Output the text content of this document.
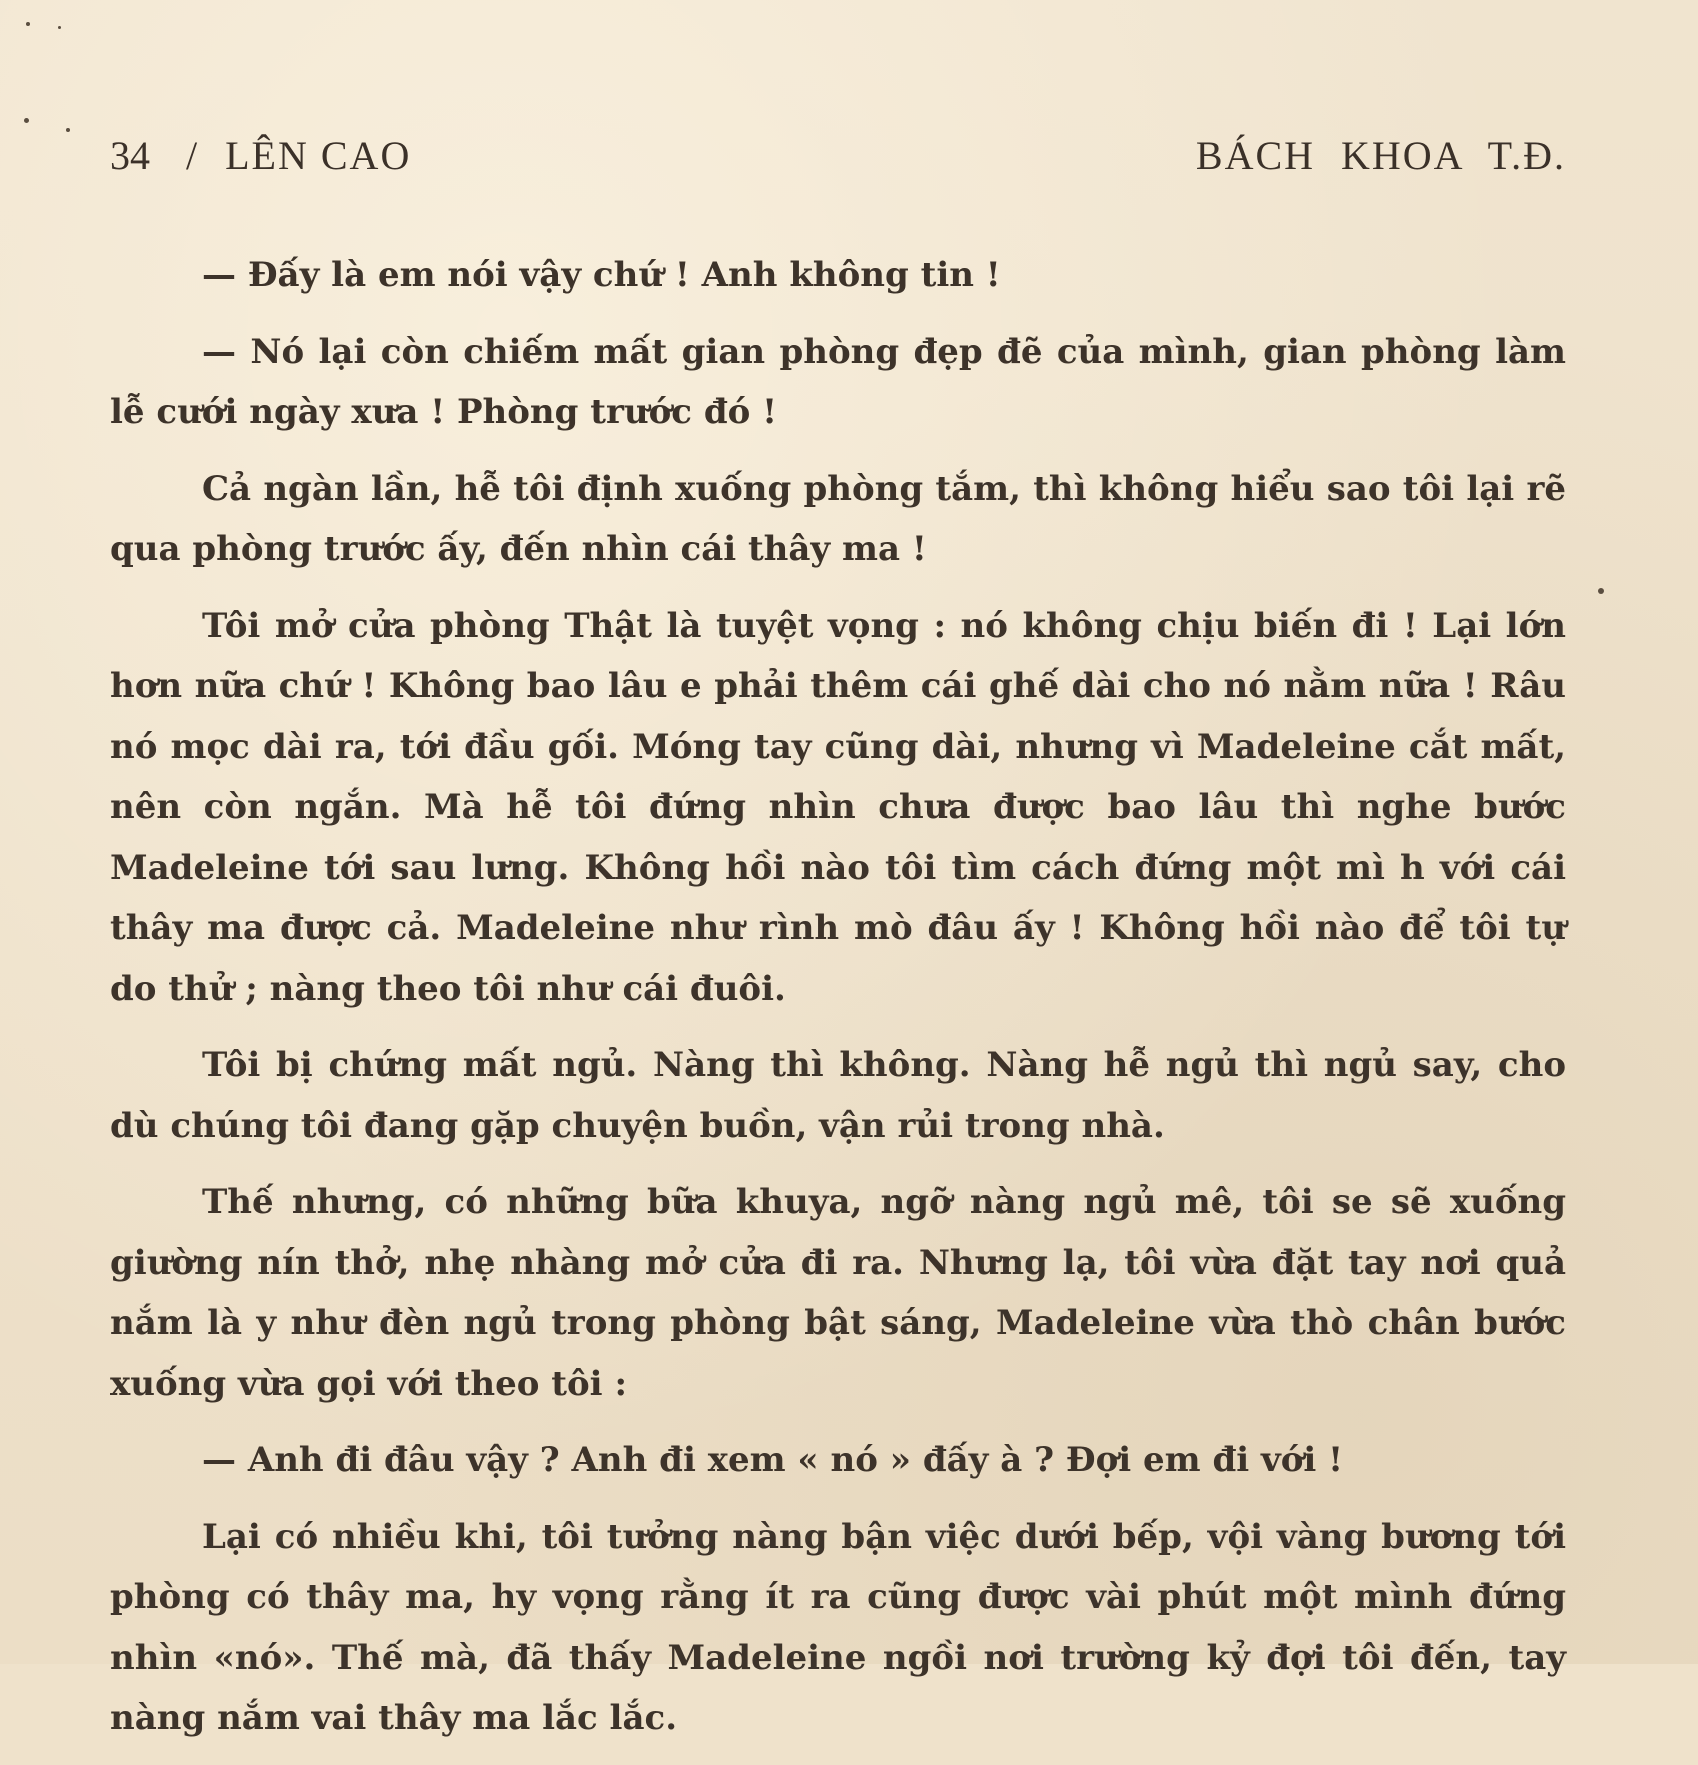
34 / LÊN CAO	BÁCH KHOA T.Đ.

— Đấy là em nói vậy chứ ! Anh không tin !

— Nó lại còn chiếm mất gian phòng đẹp đẽ của mình, gian phòng làm lễ cưới ngày xưa ! Phòng trước đó !

Cả ngàn lần, hễ tôi định xuống phòng tắm, thì không hiểu sao tôi lại rẽ qua phòng trước ấy, đến nhìn cái thây ma !

Tôi mở cửa phòng Thật là tuyệt vọng : nó không chịu biến đi ! Lại lớn hơn nữa chứ ! Không bao lâu e phải thêm cái ghế dài cho nó nằm nữa ! Râu nó mọc dài ra, tới đầu gối. Móng tay cũng dài, nhưng vì Madeleine cắt mất, nên còn ngắn. Mà hễ tôi đứng nhìn chưa được bao lâu thì nghe bước Madeleine tới sau lưng. Không hồi nào tôi tìm cách đứng một mì h với cái thây ma được cả. Madeleine như rình mò đâu ấy ! Không hồi nào để tôi tự do thử ; nàng theo tôi như cái đuôi.

Tôi bị chứng mất ngủ. Nàng thì không. Nàng hễ ngủ thì ngủ say, cho dù chúng tôi đang gặp chuyện buồn, vận rủi trong nhà.

Thế nhưng, có những bữa khuya, ngỡ nàng ngủ mê, tôi se sẽ xuống giường nín thở, nhẹ nhàng mở cửa đi ra. Nhưng lạ, tôi vừa đặt tay nơi quả nắm là y như đèn ngủ trong phòng bật sáng, Madeleine vừa thò chân bước xuống vừa gọi với theo tôi :

— Anh đi đâu vậy ? Anh đi xem « nó » đấy à ? Đợi em đi với !

Lại có nhiều khi, tôi tưởng nàng bận việc dưới bếp, vội vàng bương tới phòng có thây ma, hy vọng rằng ít ra cũng được vài phút một mình đứng nhìn «nó». Thế mà, đã thấy Madeleine ngồi nơi trường kỷ đợi tôi đến, tay nàng nắm vai thây ma lắc lắc.
